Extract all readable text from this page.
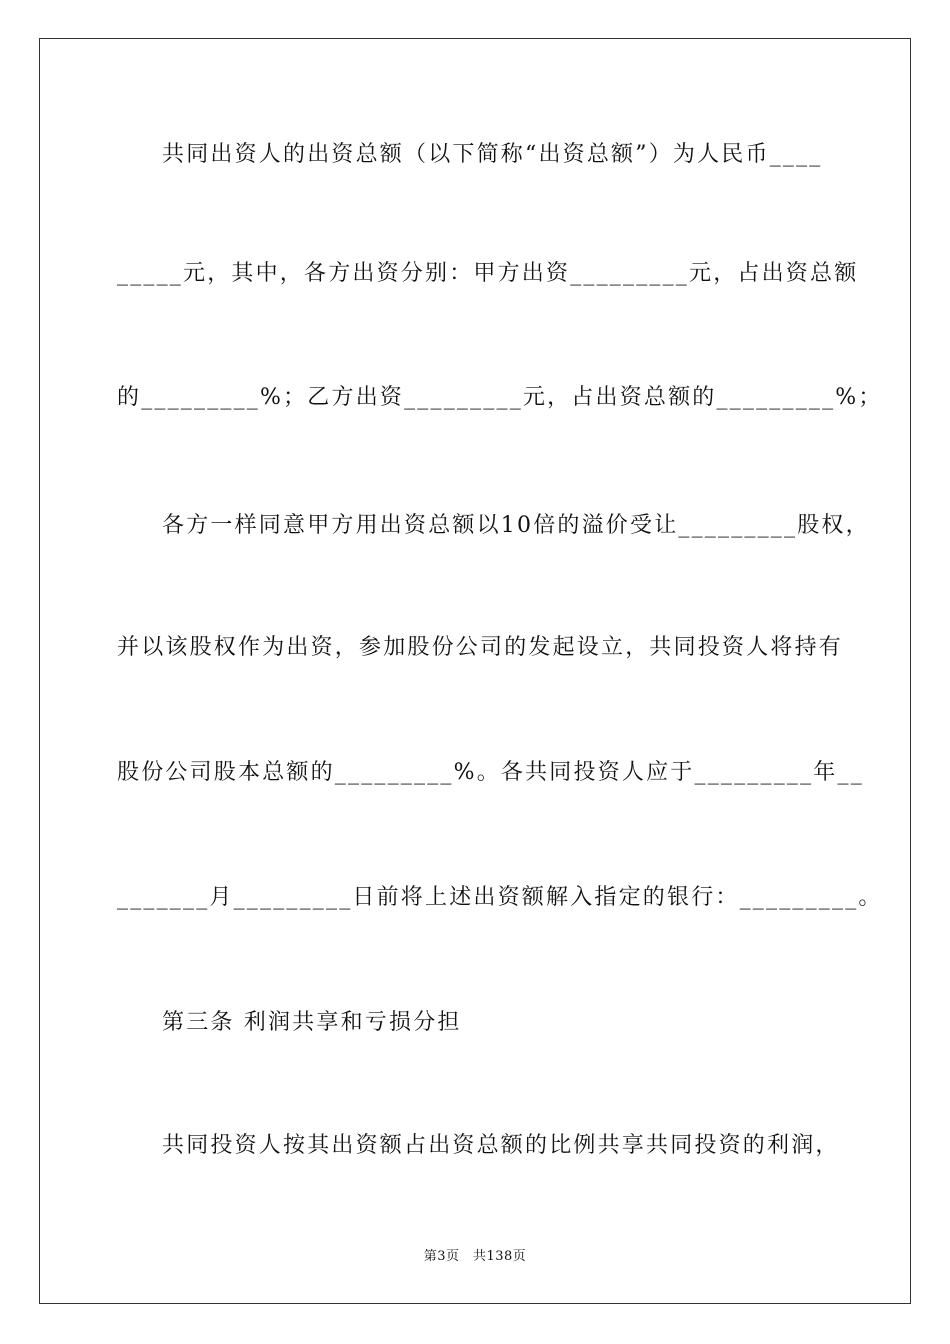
共同出资人的出资总额（以下简称“出资总额”）为人民币____
_____元，其中，各方出资分别：甲方出资_________元，占出资总额
的_________%；乙方出资_________元，占出资总额的_________%；
各方一样同意甲方用出资总额以10倍的溢价受让_________股权，
并以该股权作为出资，参加股份公司的发起设立，共同投资人将持有
股份公司股本总额的_________%。各共同投资人应于_________年__
_______月_________日前将上述出资额解入指定的银行：_________。
第三条 利润共享和亏损分担
共同投资人按其出资额占出资总额的比例共享共同投资的利润，
第3页　共138页
